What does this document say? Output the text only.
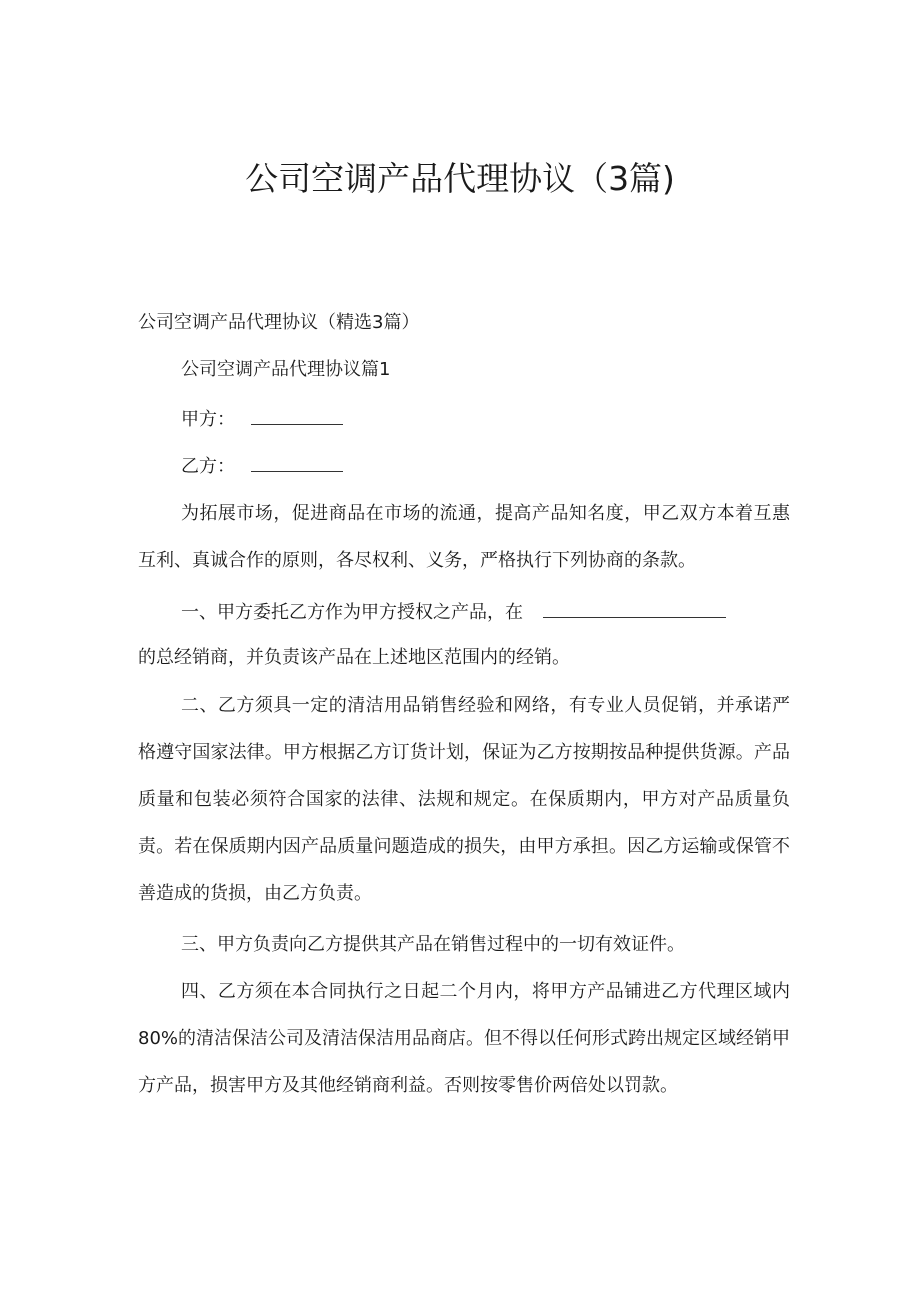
公司空调产品代理协议（3篇)

公司空调产品代理协议（精选3篇）

公司空调产品代理协议篇1

甲方：
乙方：

为拓展市场，促进商品在市场的流通，提高产品知名度，甲乙双方本着互惠互利、真诚合作的原则，各尽权利、义务，严格执行下列协商的条款。

一、甲方委托乙方作为甲方授权之产品，在

的总经销商，并负责该产品在上述地区范围内的经销。

二、乙方须具一定的清洁用品销售经验和网络，有专业人员促销，并承诺严格遵守国家法律。甲方根据乙方订货计划，保证为乙方按期按品种提供货源。产品质量和包装必须符合国家的法律、法规和规定。在保质期内，甲方对产品质量负责。若在保质期内因产品质量问题造成的损失，由甲方承担。因乙方运输或保管不善造成的货损，由乙方负责。

三、甲方负责向乙方提供其产品在销售过程中的一切有效证件。

四、乙方须在本合同执行之日起二个月内，将甲方产品铺进乙方代理区域内80%的清洁保洁公司及清洁保洁用品商店。但不得以任何形式跨出规定区域经销甲方产品，损害甲方及其他经销商利益。否则按零售价两倍处以罚款。
